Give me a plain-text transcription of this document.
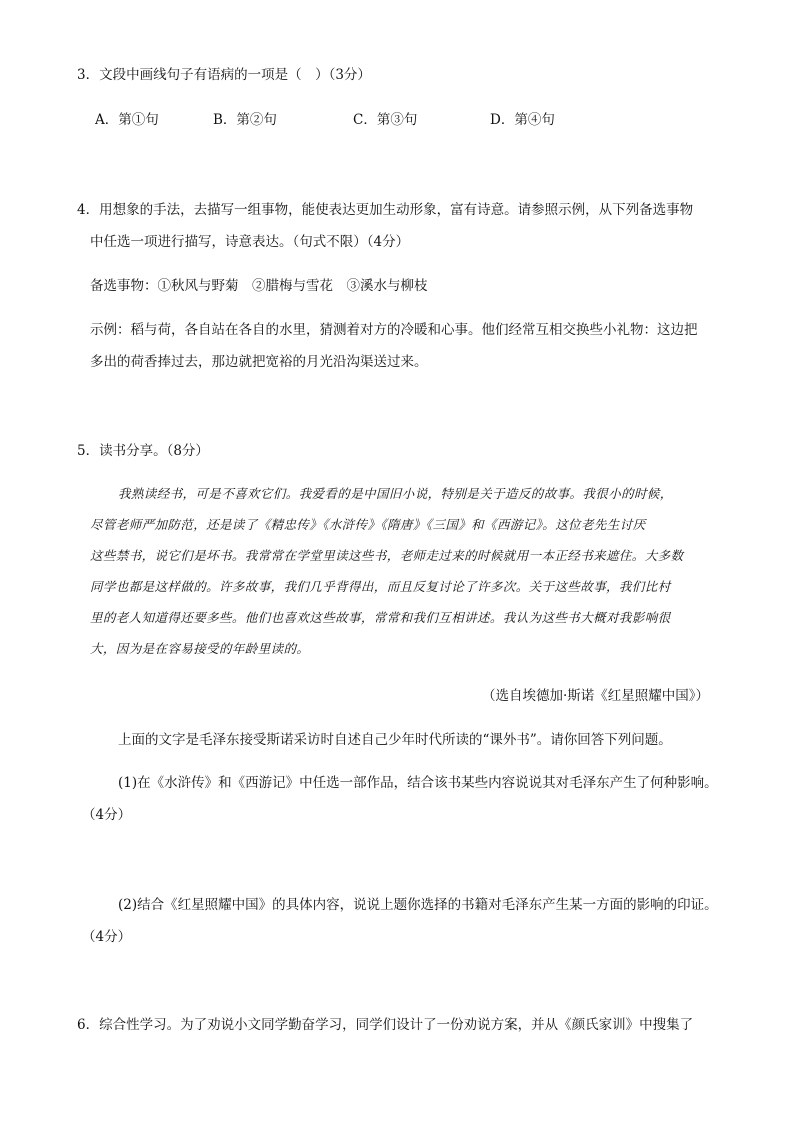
3．文段中画线句子有语病的一项是（　）（3分）
A．第①句	B．第②句	C．第③句	D．第④句
4．用想象的手法，去描写一组事物，能使表达更加生动形象，富有诗意。请参照示例，从下列备选事物
中任选一项进行描写，诗意表达。（句式不限）（4分）
备选事物：①秋风与野菊　②腊梅与雪花　③溪水与柳枝
示例：稻与荷，各自站在各自的水里，猜测着对方的冷暖和心事。他们经常互相交换些小礼物：这边把
多出的荷香捧过去，那边就把宽裕的月光沿沟渠送过来。
5．读书分享。（8分）
我熟读经书，可是不喜欢它们。我爱看的是中国旧小说，特别是关于造反的故事。我很小的时候，
尽管老师严加防范，还是读了《精忠传》《水浒传》《隋唐》《三国》和《西游记》。这位老先生讨厌
这些禁书，说它们是坏书。我常常在学堂里读这些书，老师走过来的时候就用一本正经书来遮住。大多数
同学也都是这样做的。许多故事，我们几乎背得出，而且反复讨论了许多次。关于这些故事，我们比村
里的老人知道得还要多些。他们也喜欢这些故事，常常和我们互相讲述。我认为这些书大概对我影响很
大，因为是在容易接受的年龄里读的。
（选自埃德加·斯诺《红星照耀中国》）
上面的文字是毛泽东接受斯诺采访时自述自己少年时代所读的“课外书”。请你回答下列问题。
(1)在《水浒传》和《西游记》中任选一部作品，结合该书某些内容说说其对毛泽东产生了何种影响。
（4分）
(2)结合《红星照耀中国》的具体内容，说说上题你选择的书籍对毛泽东产生某一方面的影响的印证。
（4分）
6．综合性学习。为了劝说小文同学勤奋学习，同学们设计了一份劝说方案，并从《颜氏家训》中搜集了
